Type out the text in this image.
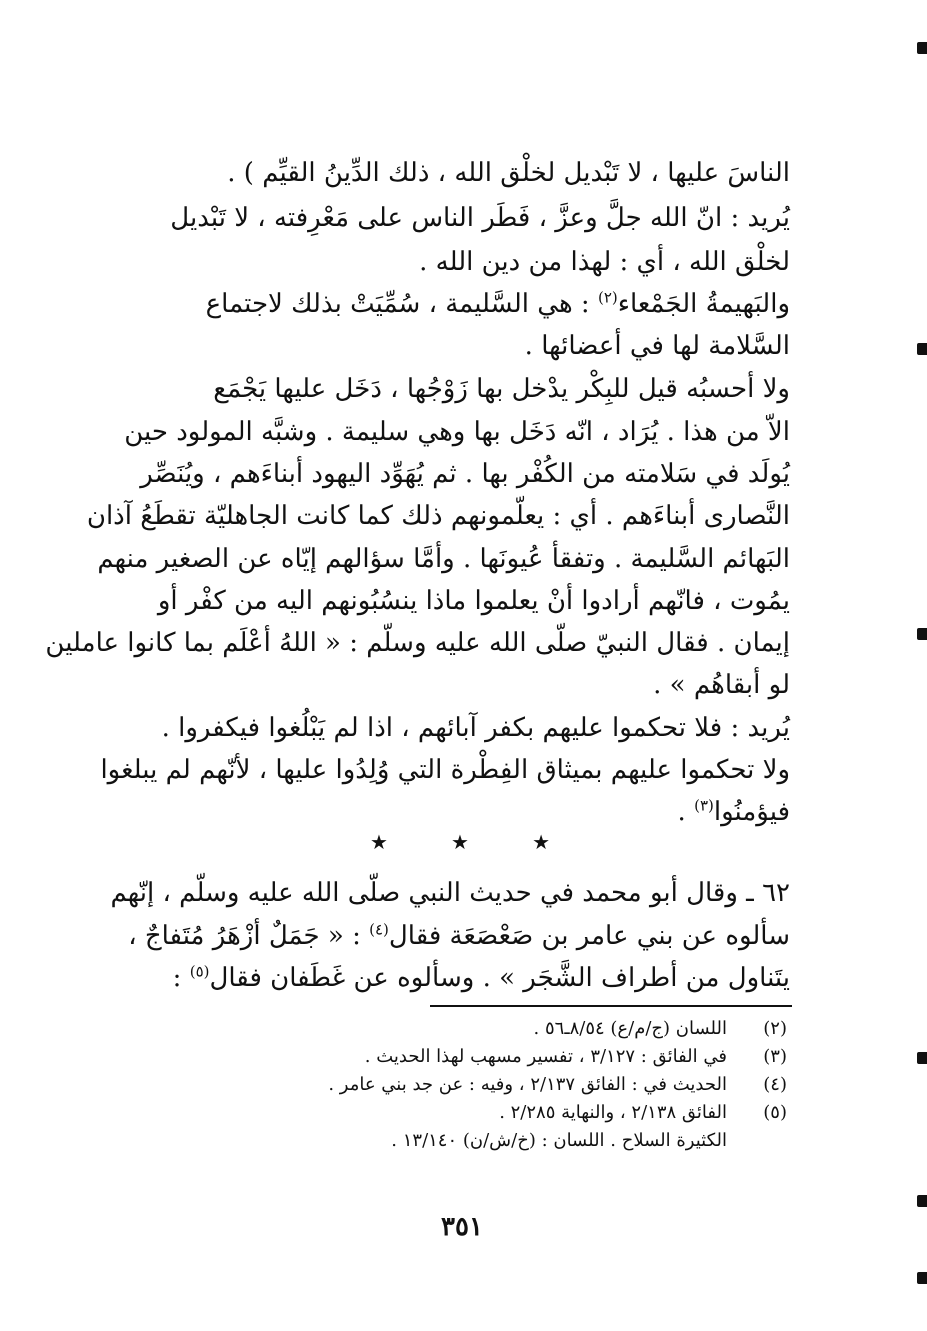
الناسَ عليها ، لا تَبْديل لخلْق الله ، ذلك الدِّينُ القيِّم ) .
يُريد : انّ الله جلَّ وعزَّ ، فَطَر الناس على مَعْرِفته ، لا تَبْديل
لخلْق الله ، أي : لهذا من دين الله .
والبَهيمةُ الجَمْعاء$^{(٢)}$ : هي السَّليمة ، سُمِّيَتْ بذلك لاجتماع
السَّلامة لها في أعضائها .
ولا أحسبُه قيل للبِكْر يدْخل بها زَوْجُها ، دَخَل عليها يَجْمَع
الاّ من هذا . يُرَاد ، انّه دَخَل بها وهي سليمة . وشبَّه المولود حين
يُولَد في سَلامته من الكُفْر بها . ثم يُهَوِّد اليهود أبناءَهم ، ويُنَصِّر
النَّصارى أبناءَهم . أي : يعلّمونهم ذلك كما كانت الجاهليّة تقطَعُ آذان
البَهائم السَّليمة . وتفقأ عُيونَها . وأمَّا سؤالهم إيّاه عن الصغير منهم
يمُوت ، فانّهم أرادوا أنْ يعلموا ماذا ينسُبُونهم اليه من كفْر أو
إيمان . فقال النبيّ صلّى الله عليه وسلّم : « اللهُ أعْلَم بما كانوا عاملين
لو أبقاهُم » .
يُريد : فلا تحكموا عليهم بكفر آبائهم ، اذا لم يَبْلُغوا فيكفروا .
ولا تحكموا عليهم بميثاق الفِطْرة التي وُلِدُوا عليها ، لأنّهم لم يبلغوا
فيؤمنُوا$^{(٣)}$ .
٦٢ ـ وقال أبو محمد في حديث النبي صلّى الله عليه وسلّم ، إنّهم
سألوه عن بني عامر بن صَعْصَعَة فقال$^{(٤)}$ : « جَمَلٌ أزْهَرُ مُتَفاجٌ ،
يتَناول من أطراف الشَّجَر » . وسألوه عن غَطَفان فقال$^{(٥)}$ :
★	★	★
(٢)اللسان (ج/م/ع) ٨/٥٤ـ٥٦ .
(٣)في الفائق : ٣/١٢٧ ، تفسير مسهب لهذا الحديث .
(٤)الحديث في : الفائق ٢/١٣٧ ، وفيه : عن جد بني عامر .
(٥)الفائق ٢/١٣٨ ، والنهاية ٢/٢٨٥ .
الكثيرة السلاح . اللسان : (خ/ش/ن) ١٣/١٤٠ .
٣٥١
